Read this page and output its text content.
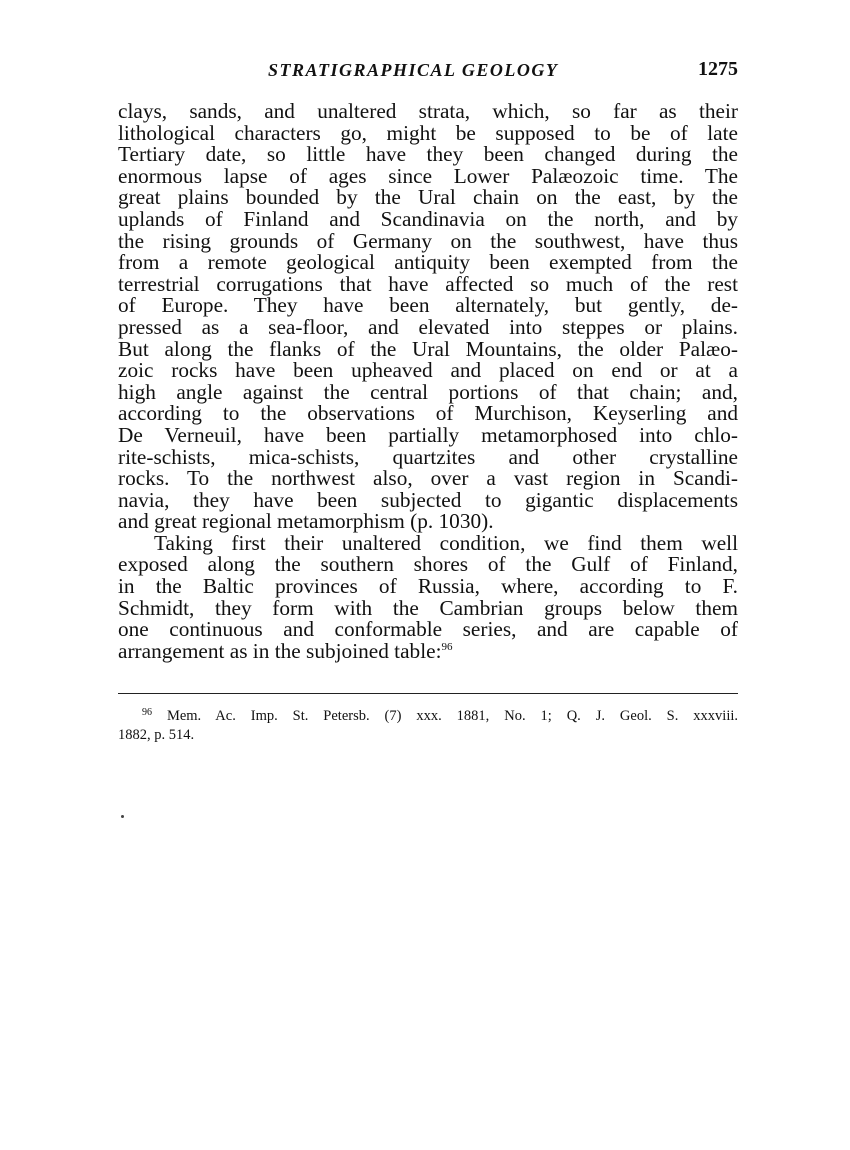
STRATIGRAPHICAL GEOLOGY	1275
clays, sands, and unaltered strata, which, so far as their
lithological characters go, might be supposed to be of late
Tertiary date, so little have they been changed during the
enormous lapse of ages since Lower Palæozoic time. The
great plains bounded by the Ural chain on the east, by the
uplands of Finland and Scandinavia on the north, and by
the rising grounds of Germany on the southwest, have thus
from a remote geological antiquity been exempted from the
terrestrial corrugations that have affected so much of the rest
of Europe. They have been alternately, but gently, de-
pressed as a sea-floor, and elevated into steppes or plains.
But along the flanks of the Ural Mountains, the older Palæo-
zoic rocks have been upheaved and placed on end or at a
high angle against the central portions of that chain; and,
according to the observations of Murchison, Keyserling and
De Verneuil, have been partially metamorphosed into chlo-
rite-schists, mica-schists, quartzites and other crystalline
rocks. To the northwest also, over a vast region in Scandi-
navia, they have been subjected to gigantic displacements
and great regional metamorphism (p. 1030).
Taking first their unaltered condition, we find them well
exposed along the southern shores of the Gulf of Finland,
in the Baltic provinces of Russia, where, according to F.
Schmidt, they form with the Cambrian groups below them
one continuous and conformable series, and are capable of
arrangement as in the subjoined table:$^{96}$
$^{96}$ Mem. Ac. Imp. St. Petersb. (7) xxx. 1881, No. 1; Q. J. Geol. S. xxxviii.
1882, p. 514.
